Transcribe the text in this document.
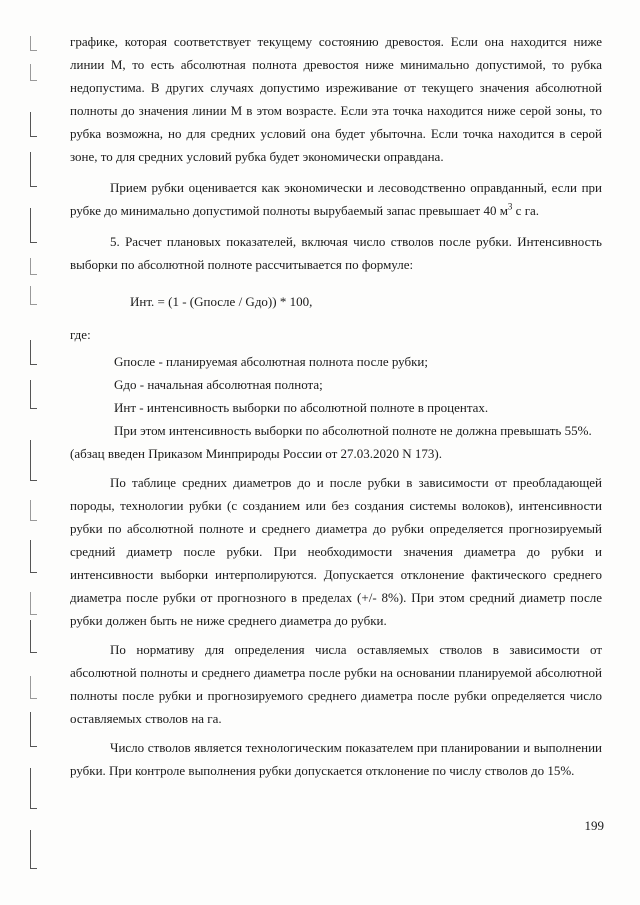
графике, которая соответствует текущему состоянию древостоя. Если она находится ниже линии М, то есть абсолютная полнота древостоя ниже минимально допустимой, то рубка недопустима. В других случаях допустимо изреживание от текущего значения абсолютной полноты до значения линии М в этом возрасте. Если эта точка находится ниже серой зоны, то рубка возможна, но для средних условий она будет убыточна. Если точка находится в серой зоне, то для средних условий рубка будет экономически оправдана.

Прием рубки оценивается как экономически и лесоводственно оправданный, если при рубке до минимально допустимой полноты вырубаемый запас превышает 40 $м^3$ с га.

5. Расчет плановых показателей, включая число стволов после рубки. Интенсивность выборки по абсолютной полноте рассчитывается по формуле:

Инт. = (1 - (Gпосле / Gдо)) * 100,

где:

Gпосле - планируемая абсолютная полнота после рубки;

Gдо - начальная абсолютная полнота;

Инт - интенсивность выборки по абсолютной полноте в процентах.

При этом интенсивность выборки по абсолютной полноте не должна превышать 55%.

(абзац введен Приказом Минприроды России от 27.03.2020 N 173).

По таблице средних диаметров до и после рубки в зависимости от преобладающей породы, технологии рубки (с созданием или без создания системы волоков), интенсивности рубки по абсолютной полноте и среднего диаметра до рубки определяется прогнозируемый средний диаметр после рубки. При необходимости значения диаметра до рубки и интенсивности выборки интерполируются. Допускается отклонение фактического среднего диаметра после рубки от прогнозного в пределах (+/- 8%). При этом средний диаметр после рубки должен быть не ниже среднего диаметра до рубки.

По нормативу для определения числа оставляемых стволов в зависимости от абсолютной полноты и среднего диаметра после рубки на основании планируемой абсолютной полноты после рубки и прогнозируемого среднего диаметра после рубки определяется число оставляемых стволов на га.

Число стволов является технологическим показателем при планировании и выполнении рубки. При контроле выполнения рубки допускается отклонение по числу стволов до 15%.

199
